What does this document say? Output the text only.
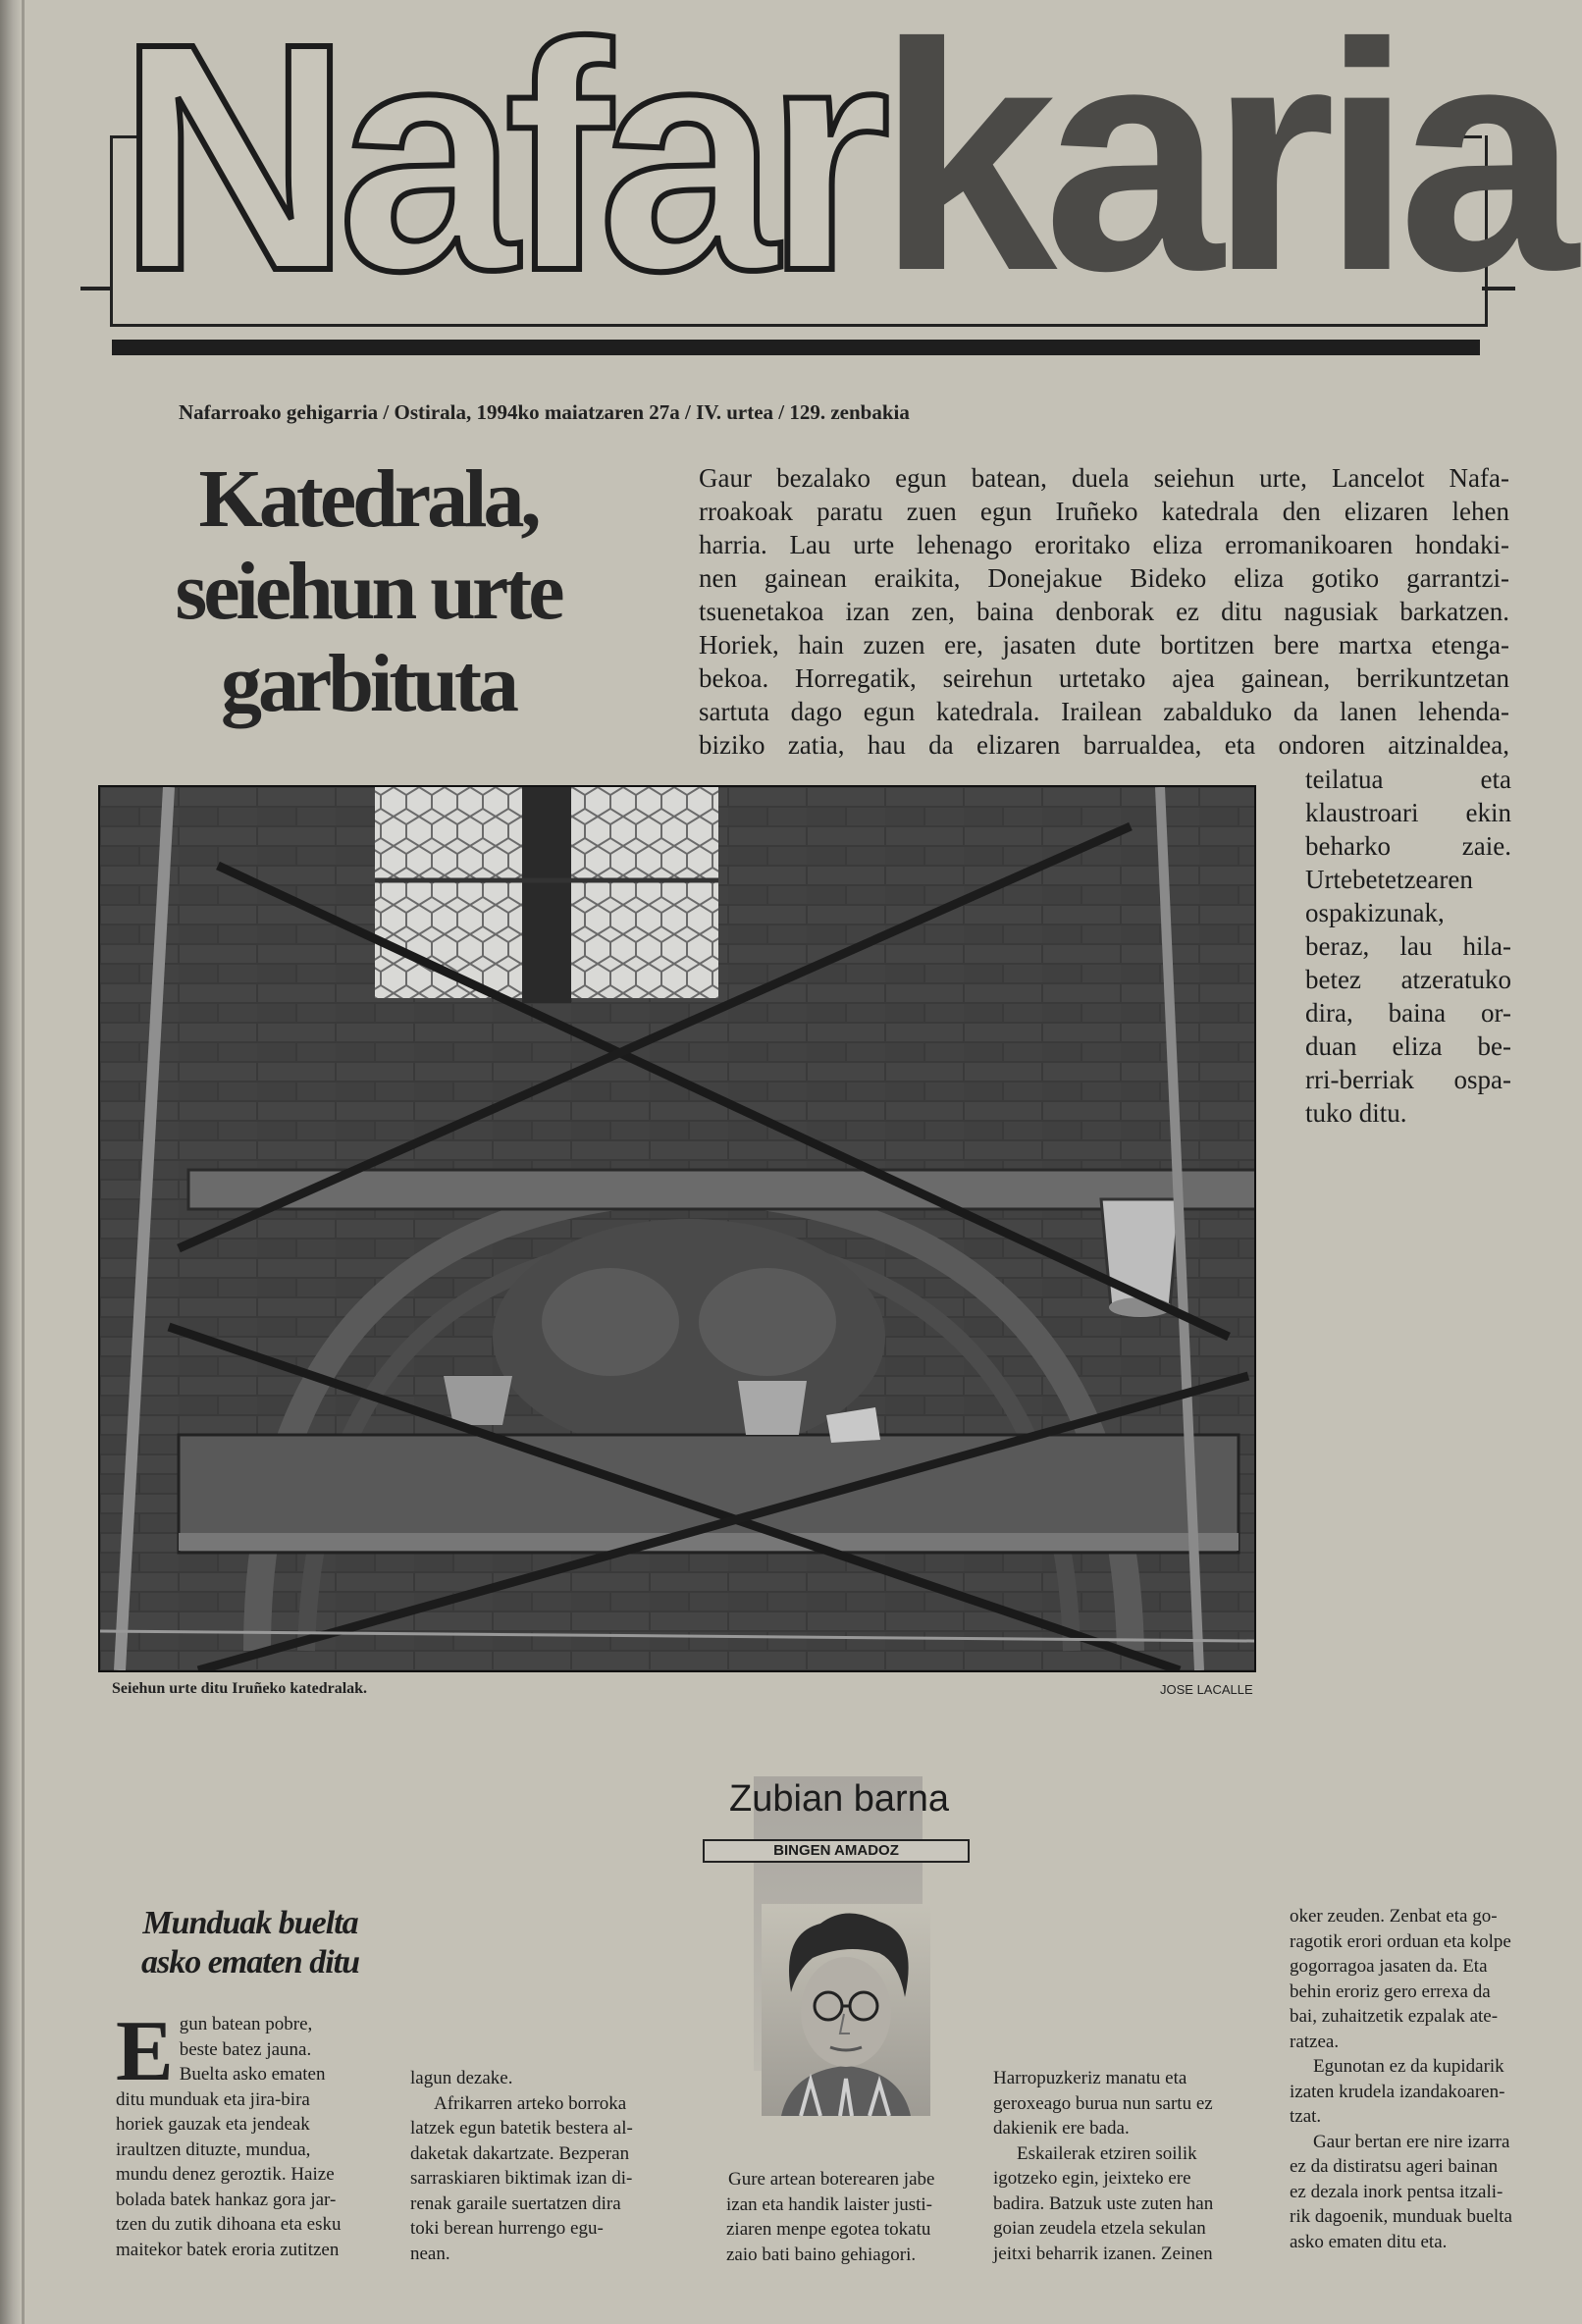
Nafarkaria
Nafarroako gehigarria / Ostirala, 1994ko maiatzaren 27a / IV. urtea / 129. zenbakia
Katedrala,
seiehun urte
garbituta

Gaur bezalako egun batean, duela seiehun urte, Lancelot Nafa-

rroakoak paratu zuen egun Iruñeko katedrala den elizaren lehen

harria. Lau urte lehenago eroritako eliza erromanikoaren hondaki-

nen gainean eraikita, Donejakue Bideko eliza gotiko garrantzi-

tsuenetakoa izan zen, baina denborak ez ditu nagusiak barkatzen.

Horiek, hain zuzen ere, jasaten dute bortitzen bere martxa etenga-

bekoa. Horregatik, seirehun urtetako ajea gainean, berrikuntzetan

sartuta dago egun katedrala. Irailean zabalduko da lanen lehenda-

biziko zatia, hau da elizaren barrualdea, eta ondoren aitzinaldea,

teilatua eta

klaustroari ekin

beharko zaie.

Urtebetetzearen

ospakizunak,

beraz, lau hila-

betez atzeratuko

dira, baina or-

duan eliza be-

rri-berriak ospa-

tuko ditu.

Seiehun urte ditu Iruñeko katedralak.	JOSE LACALLE
Zubian barna
BINGEN AMADOZ
Munduak buelta
asko ematen ditu
E gun batean pobre,

beste batez jauna.

Buelta asko ematen

ditu munduak eta jira-bira

horiek gauzak eta jendeak

iraultzen dituzte, mundua,

mundu denez geroztik. Haize

bolada batek hankaz gora jar-

tzen du zutik dihoana eta esku

maitekor batek eroria zutitzen

lagun dezake.

Afrikarren arteko borroka

latzek egun batetik bestera al-

daketak dakartzate. Bezperan

sarraskiaren biktimak izan di-

renak garaile suertatzen dira

toki berean hurrengo egu-

nean.

Gure artean boterearen jabe

izan eta handik laister justi-

ziaren menpe egotea tokatu

zaio bati baino gehiagori.

Harropuzkeriz manatu eta

geroxeago burua nun sartu ez

dakienik ere bada.

Eskailerak etziren soilik

igotzeko egin, jeixteko ere

badira. Batzuk uste zuten han

goian zeudela etzela sekulan

jeitxi beharrik izanen. Zeinen

oker zeuden. Zenbat eta go-

ragotik erori orduan eta kolpe

gogorragoa jasaten da. Eta

behin eroriz gero errexa da

bai, zuhaitzetik ezpalak ate-

ratzea.

Egunotan ez da kupidarik

izaten krudela izandakoaren-

tzat.

Gaur bertan ere nire izarra

ez da distiratsu ageri bainan

ez dezala inork pentsa itzali-

rik dagoenik, munduak buelta

asko ematen ditu eta.
